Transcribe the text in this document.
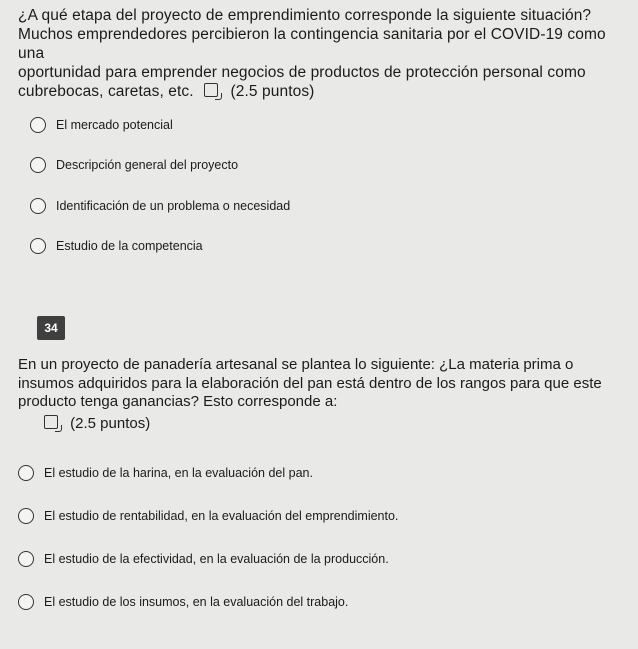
¿A qué etapa del proyecto de emprendimiento corresponde la siguiente situación?
Muchos emprendedores percibieron la contingencia sanitaria por el COVID-19 como una
oportunidad para emprender negocios de productos de protección personal como
cubrebocas, caretas, etc. (2.5 puntos)
El mercado potencial
Descripción general del proyecto
Identificación de un problema o necesidad
Estudio de la competencia
34
En un proyecto de panadería artesanal se plantea lo siguiente: ¿La materia prima o
insumos adquiridos para la elaboración del pan está dentro de los rangos para que este
producto tenga ganancias? Esto corresponde a:
(2.5 puntos)
El estudio de la harina, en la evaluación del pan.
El estudio de rentabilidad, en la evaluación del emprendimiento.
El estudio de la efectividad, en la evaluación de la producción.
El estudio de los insumos, en la evaluación del trabajo.
